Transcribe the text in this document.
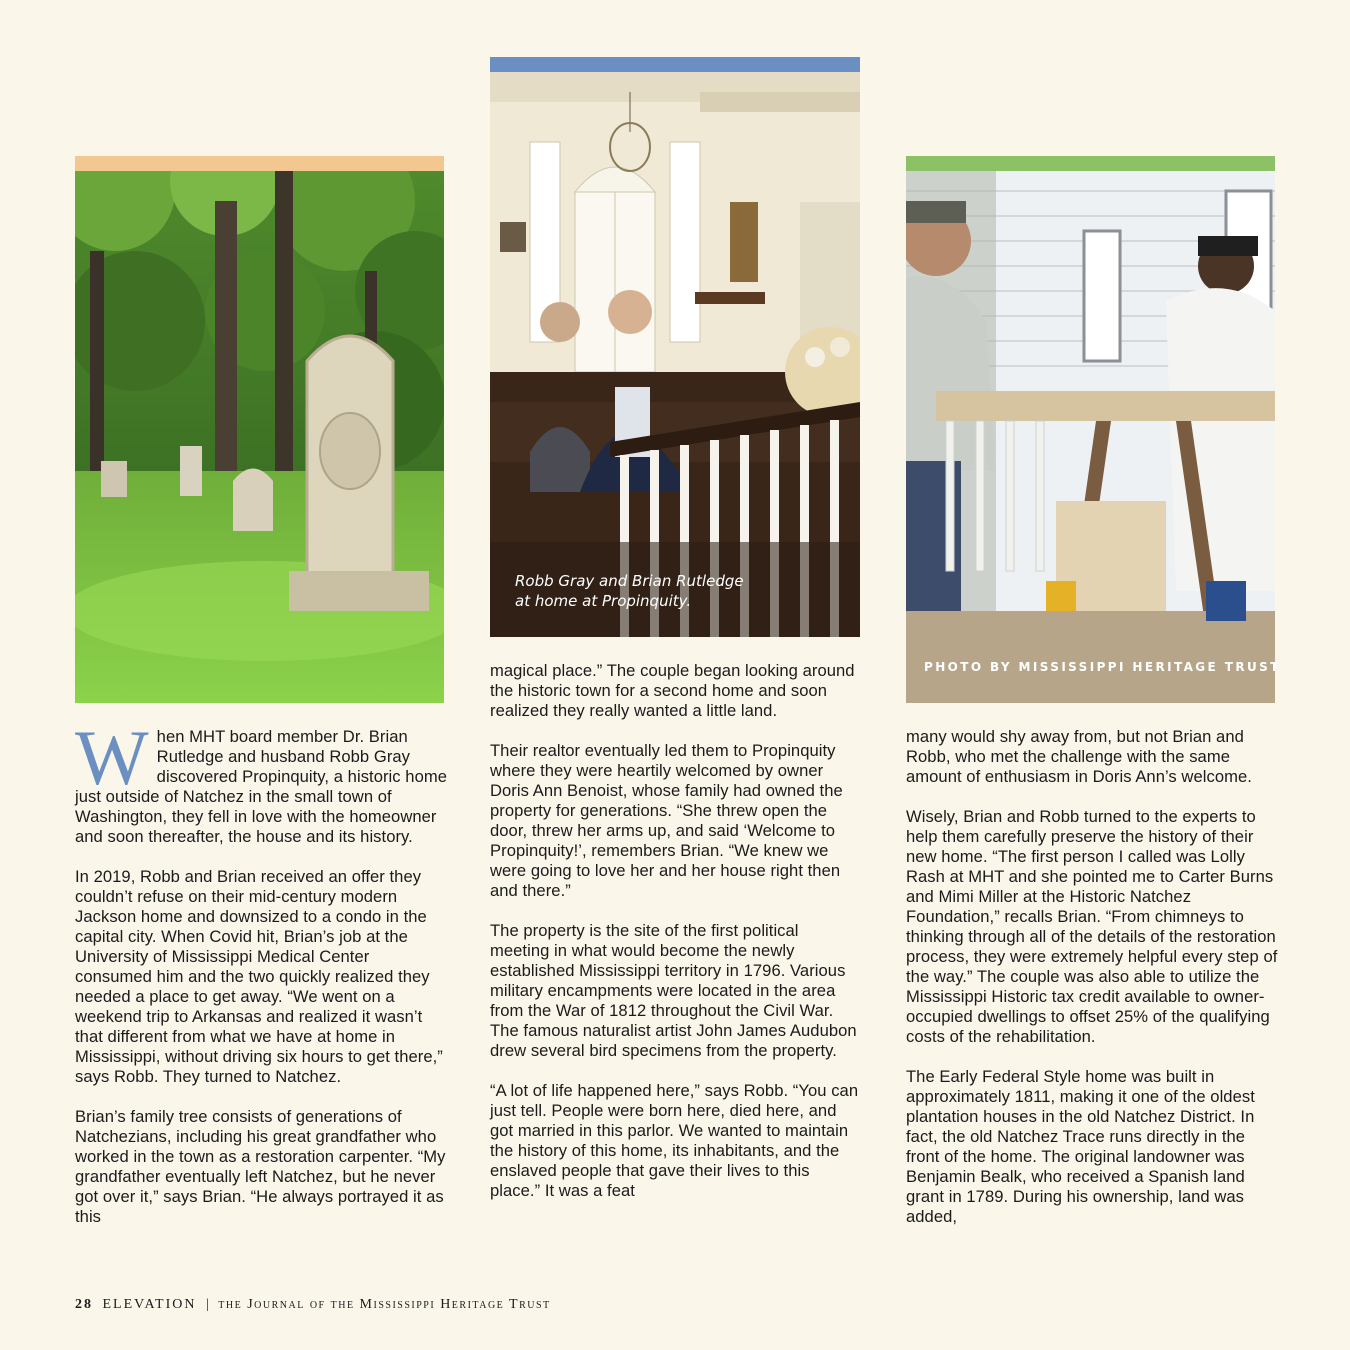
Robb Gray and Brian Rutledge
at home at Propinquity.
PHOTO BY MISSISSIPPI HERITAGE TRUST

When MHT board member Dr. Brian Rutledge and husband Robb Gray discovered Propinquity, a historic home just outside of Natchez in the small town of Washington, they fell in love with the homeowner and soon thereafter, the house and its history.

In 2019, Robb and Brian received an offer they couldn’t refuse on their mid-century modern Jackson home and downsized to a condo in the capital city. When Covid hit, Brian’s job at the University of Mississippi Medical Center consumed him and the two quickly realized they needed a place to get away. “We went on a weekend trip to Arkansas and realized it wasn’t that different from what we have at home in Mississippi, without driving six hours to get there,” says Robb. They turned to Natchez.

Brian’s family tree consists of generations of Natchezians, including his great grandfather who worked in the town as a restoration carpenter. “My grandfather eventually left Natchez, but he never got over it,” says Brian. “He always portrayed it as this

magical place.” The couple began looking around the historic town for a second home and soon realized they really wanted a little land.

Their realtor eventually led them to Propinquity where they were heartily welcomed by owner Doris Ann Benoist, whose family had owned the property for generations. “She threw open the door, threw her arms up, and said ‘Welcome to Propinquity!’, remembers Brian. “We knew we were going to love her and her house right then and there.”

The property is the site of the first political meeting in what would become the newly established Mississippi territory in 1796. Various military encampments were located in the area from the War of 1812 throughout the Civil War. The famous naturalist artist John James Audubon drew several bird specimens from the property.

“A lot of life happened here,” says Robb. “You can just tell. People were born here, died here, and got married in this parlor. We wanted to maintain the history of this home, its inhabitants, and the enslaved people that gave their lives to this place.” It was a feat

many would shy away from, but not Brian and Robb, who met the challenge with the same amount of enthusiasm in Doris Ann’s welcome.

Wisely, Brian and Robb turned to the experts to help them carefully preserve the history of their new home. “The first person I called was Lolly Rash at MHT and she pointed me to Carter Burns and Mimi Miller at the Historic Natchez Foundation,” recalls Brian. “From chimneys to thinking through all of the details of the restoration process, they were extremely helpful every step of the way.” The couple was also able to utilize the Mississippi Historic tax credit available to owner-occupied dwellings to offset 25% of the qualifying costs of the rehabilitation.

The Early Federal Style home was built in approximately 1811, making it one of the oldest plantation houses in the old Natchez District. In fact, the old Natchez Trace runs directly in the front of the home. The original landowner was Benjamin Bealk, who received a Spanish land grant in 1789. During his ownership, land was added,

28 ELEVATION | the Journal of the Mississippi Heritage Trust
